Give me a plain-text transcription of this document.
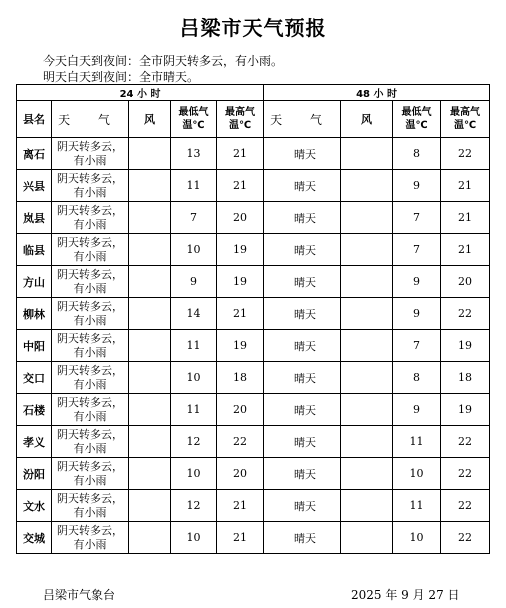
吕梁市天气预报
今天白天到夜间：全市阴天转多云，有小雨。
明天白天到夜间：全市晴天。
24 小 时					48 小 时			
县名	天 气	风	最低气温℃	最高气温℃	天 气	风	最低气温℃	最高气温℃
离石	阴天转多云，有小雨		13	21	晴天		8	22
兴县	阴天转多云，有小雨		11	21	晴天		9	21
岚县	阴天转多云，有小雨		7	20	晴天		7	21
临县	阴天转多云，有小雨		10	19	晴天		7	21
方山	阴天转多云，有小雨		9	19	晴天		9	20
柳林	阴天转多云，有小雨		14	21	晴天		9	22
中阳	阴天转多云，有小雨		11	19	晴天		7	19
交口	阴天转多云，有小雨		10	18	晴天		8	18
石楼	阴天转多云，有小雨		11	20	晴天		9	19
孝义	阴天转多云，有小雨		12	22	晴天		11	22
汾阳	阴天转多云，有小雨		10	20	晴天		10	22
文水	阴天转多云，有小雨		12	21	晴天		11	22
交城	阴天转多云，有小雨		10	21	晴天		10	22
吕梁市气象台	2025 年 9 月 27 日
